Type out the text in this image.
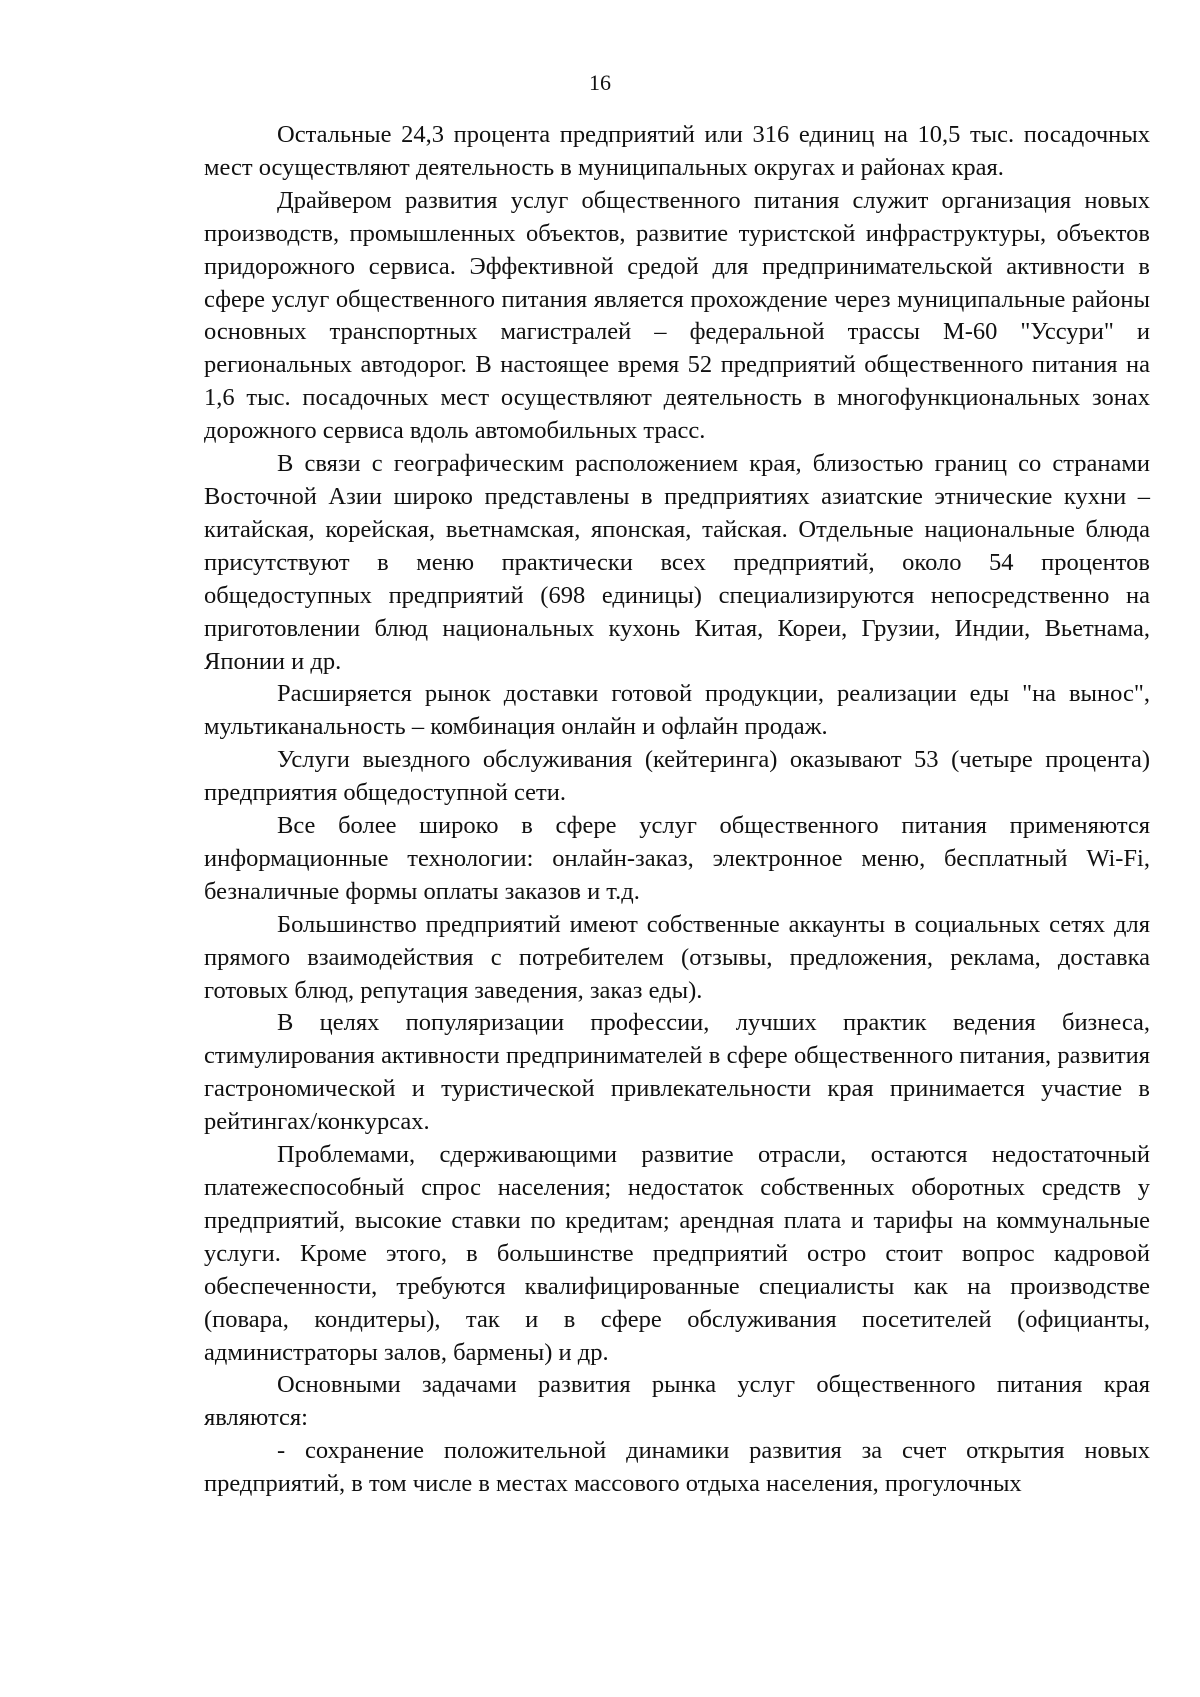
16

Остальные 24,3 процента предприятий или 316 единиц на 10,5 тыс. посадочных мест осуществляют деятельность в муниципальных округах и районах края.

Драйвером развития услуг общественного питания служит организация новых производств, промышленных объектов, развитие туристской инфраструктуры, объектов придорожного сервиса. Эффективной средой для предпринимательской активности в сфере услуг общественного питания является прохождение через муниципальные районы основных транспортных магистралей – федеральной трассы М-60 "Уссури" и региональных автодорог. В настоящее время 52 предприятий общественного питания на 1,6 тыс. посадочных мест осуществляют деятельность в многофункциональных зонах дорожного сервиса вдоль автомобильных трасс.

В связи с географическим расположением края, близостью границ со странами Восточной Азии широко представлены в предприятиях азиатские этнические кухни – китайская, корейская, вьетнамская, японская, тайская. Отдельные национальные блюда присутствуют в меню практически всех предприятий, около 54 процентов общедоступных предприятий (698 единицы) специализируются непосредственно на приготовлении блюд национальных кухонь Китая, Кореи, Грузии, Индии, Вьетнама, Японии и др.

Расширяется рынок доставки готовой продукции, реализации еды "на вынос", мультиканальность – комбинация онлайн и офлайн продаж.

Услуги выездного обслуживания (кейтеринга) оказывают 53 (четыре процента) предприятия общедоступной сети.

Все более широко в сфере услуг общественного питания применяются информационные технологии: онлайн-заказ, электронное меню, бесплатный Wi-Fi, безналичные формы оплаты заказов и т.д.

Большинство предприятий имеют собственные аккаунты в социальных сетях для прямого взаимодействия с потребителем (отзывы, предложения, реклама, доставка готовых блюд, репутация заведения, заказ еды).

В целях популяризации профессии, лучших практик ведения бизнеса, стимулирования активности предпринимателей в сфере общественного питания, развития гастрономической и туристической привлекательности края принимается участие в рейтингах/конкурсах.

Проблемами, сдерживающими развитие отрасли, остаются недостаточный платежеспособный спрос населения; недостаток собственных оборотных средств у предприятий, высокие ставки по кредитам; арендная плата и тарифы на коммунальные услуги. Кроме этого, в большинстве предприятий остро стоит вопрос кадровой обеспеченности, требуются квалифицированные специалисты как на производстве (повара, кондитеры), так и в сфере обслуживания посетителей (официанты, администраторы залов, бармены) и др.

Основными задачами развития рынка услуг общественного питания края являются:

- сохранение положительной динамики развития за счет открытия новых предприятий, в том числе в местах массового отдыха населения, прогулочных
